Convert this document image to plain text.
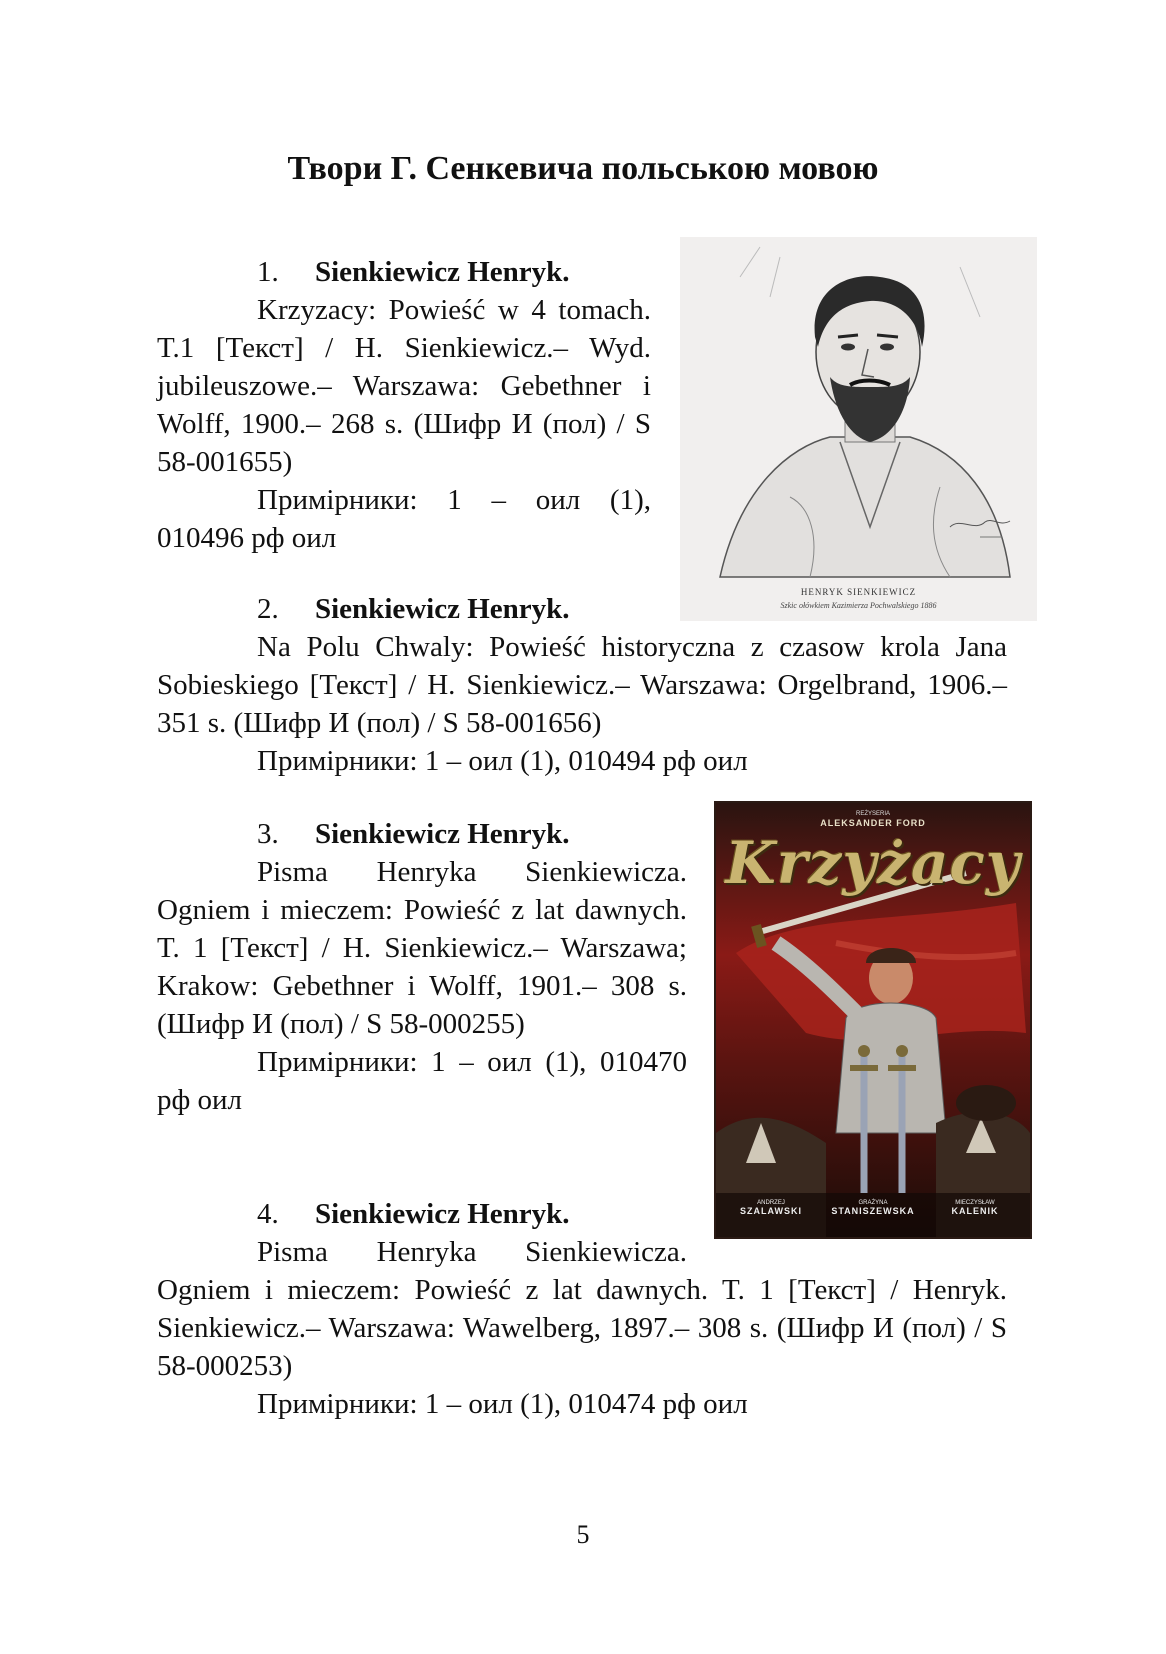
Твори Г. Сенкевича польською мовою
1. Sienkiewicz Henryk.
Krzyzacy: Powieść w 4 tomach. T.1 [Текст] / H. Sienkiewicz.– Wyd. jubileuszowe.– Warszawa: Gebethner i Wolff, 1900.– 268 s. (Шифр И (пол) / S 58-001655)
Примірники: 1 – оил (1), 010496 рф оил
2. Sienkiewicz Henryk.
Na Polu Chwaly: Powieść historyczna z czasow krola Jana Sobieskiego [Текст] / H. Sienkiewicz.– Warszawa: Orgelbrand, 1906.– 351 s. (Шифр И (пол) / S 58-001656)
Примірники: 1 – оил (1), 010494 рф оил
3. Sienkiewicz Henryk.
Pisma Henryka Sienkiewicza. Ogniem i mieczem: Powieść z lat dawnych. T. 1 [Текст] / H. Sienkiewicz.– Warszawa; Krakow: Gebethner i Wolff, 1901.– 308 s. (Шифр И (пол) / S 58-000255)
Примірники: 1 – оил (1), 010470 рф оил
4. Sienkiewicz Henryk.
Pisma Henryka Sienkiewicza.
Ogniem i mieczem: Powieść z lat dawnych. T. 1 [Текст] / Henryk. Sienkiewicz.– Warszawa: Wawelberg, 1897.– 308 s. (Шифр И (пол) / S 58-000253)
Примірники: 1 – оил (1), 010474 рф оил
HENRYK SIENKIEWICZ
Szkic ołówkiem Kazimierza Pochwalskiego 1886
REŻYSERIA
ALEKSANDER FORD
Krzyżacy
ANDRZEJ
SZALAWSKI
GRAŻYNA
STANISZEWSKA
MIECZYSŁAW
KALENIK
5
